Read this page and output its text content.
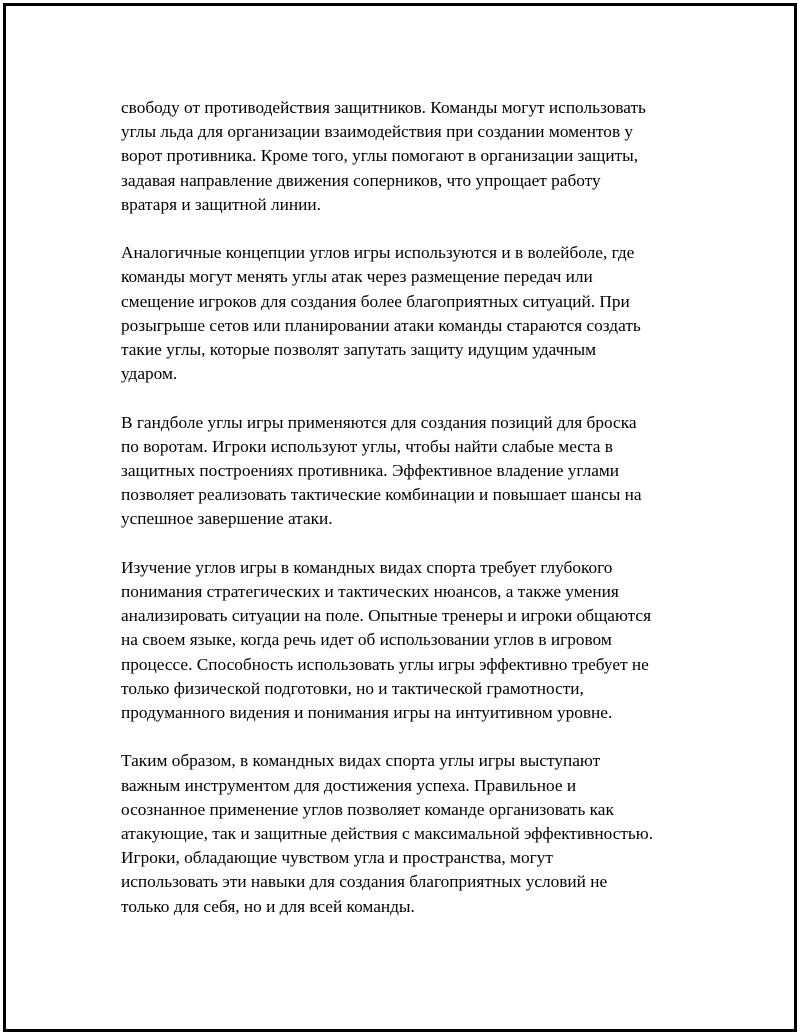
свободу от противодействия защитников. Команды могут использовать
углы льда для организации взаимодействия при создании моментов у
ворот противника. Кроме того, углы помогают в организации защиты,
задавая направление движения соперников, что упрощает работу
вратаря и защитной линии.

Аналогичные концепции углов игры используются и в волейболе, где
команды могут менять углы атак через размещение передач или
смещение игроков для создания более благоприятных ситуаций. При
розыгрыше сетов или планировании атаки команды стараются создать
такие углы, которые позволят запутать защиту идущим удачным
ударом.

В гандболе углы игры применяются для создания позиций для броска
по воротам. Игроки используют углы, чтобы найти слабые места в
защитных построениях противника. Эффективное владение углами
позволяет реализовать тактические комбинации и повышает шансы на
успешное завершение атаки.

Изучение углов игры в командных видах спорта требует глубокого
понимания стратегических и тактических нюансов, а также умения
анализировать ситуации на поле. Опытные тренеры и игроки общаются
на своем языке, когда речь идет об использовании углов в игровом
процессе. Способность использовать углы игры эффективно требует не
только физической подготовки, но и тактической грамотности,
продуманного видения и понимания игры на интуитивном уровне.

Таким образом, в командных видах спорта углы игры выступают
важным инструментом для достижения успеха. Правильное и
осознанное применение углов позволяет команде организовать как
атакующие, так и защитные действия с максимальной эффективностью.
Игроки, обладающие чувством угла и пространства, могут
использовать эти навыки для создания благоприятных условий не
только для себя, но и для всей команды.
